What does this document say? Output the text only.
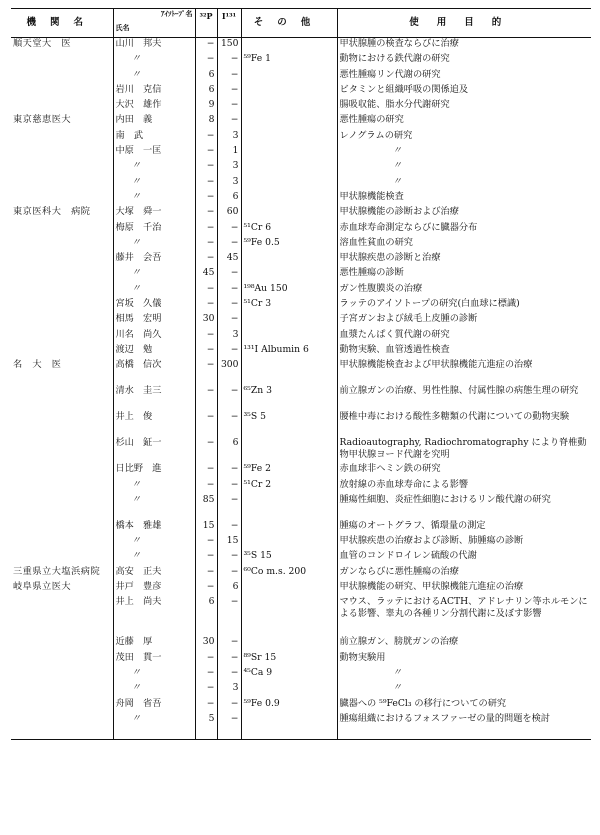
機関名	ｱｲｿﾄｰﾌﾟ名
氏名	³²P	I¹³¹	その他	使用目的
順天堂大　医	山川　邦夫	−	150		甲状腺腫の検査ならびに治療
	〃	−	−	⁵⁹Fe 1	動物における鉄代謝の研究
	〃	6	−		悪性腫瘍リン代謝の研究
	岩川　克信	6	−		ビタミンと組織呼吸の関係追及
	大沢　雄作	9	−		腸吸収能、脂水分代謝研究
東京慈恵医大	内田　義	8	−		悪性腫瘍の研究
	南　武	−	3		レノグラムの研究
	中原　一匡	−	1		〃
	〃	−	3		〃
	〃	−	3		〃
	〃	−	6		甲状腺機能検査
東京医科大　病院	大塚　舜一	−	60		甲状腺機能の診断および治療
	梅原　千治	−	−	⁵¹Cr 6	赤血球寿命測定ならびに臓器分布
	〃	−	−	⁵⁹Fe 0.5	溶血性貧血の研究
	藤井　会吾	−	45		甲状腺疾患の診断と治療
	〃	45	−		悪性腫瘍の診断
	〃	−	−	¹⁹⁸Au 150	ガン性腹膜炎の治療
	宮坂　久儀	−	−	⁵¹Cr 3	ラッテのアイソトープの研究(白血球に標識)
	相馬　宏明	30	−		子宮ガンおよび絨毛上皮腫の診断
	川名　尚久	−	3		血漿たんぱく質代謝の研究
	渡辺　勉	−	−	¹³¹I Albumin 6	動物実験、血管透過性検査
名　大　医	高橋　信次	−	300		甲状腺機能検査および甲状腺機能亢進症の治療
	清水　圭三	−	−	⁶⁵Zn 3	前立腺ガンの治療、男性性腺、付属性腺の病態生理の研究
	井上　俊	−	−	³⁵S 5	腰椎中毒における酸性多糖類の代謝についての動物実験
	杉山　鉦一	−	6		Radioautography, Radiochromatography により脊椎動物甲状腺ヨード代謝を究明
	日比野　進	−	−	⁵⁹Fe 2	赤血球非ヘミン鉄の研究
	〃	−	−	⁵¹Cr 2	放射線の赤血球寿命による影響
	〃	85	−		腫瘍性細胞、炎症性細胞におけるリン酸代謝の研究
	橋本　雅雄	15	−		腫瘍のオートグラフ、循環量の測定
	〃	−	15		甲状腺疾患の治療および診断、肺腫瘍の診断
	〃	−	−	³⁵S 15	血管のコンドロイレン硫酸の代謝
三重県立大塩浜病院	高安　正夫	−	−	⁶⁰Co m.s. 200	ガンならびに悪性腫瘍の治療
岐阜県立医大	井戸　豊彦	−	6		甲状腺機能の研究、甲状腺機能亢進症の治療
	井上　尚夫	6	−		マウス、ラッテにおけるACTH、アドレナリン等ホルモンによる影響、睾丸の各種リン分割代謝に及ぼす影響
	近藤　厚	30	−		前立腺ガン、膀胱ガンの治療
	茂田　貫一	−	−	⁸⁹Sr 15	動物実験用
	〃	−	−	⁴⁵Ca 9	〃
	〃	−	3		〃
	舟岡　省吾	−	−	⁵⁹Fe 0.9	臓器への ⁵⁹FeCl₃ の移行についての研究
	〃	5	−		腫瘍組織におけるフォスファーゼの量的問題を検討
